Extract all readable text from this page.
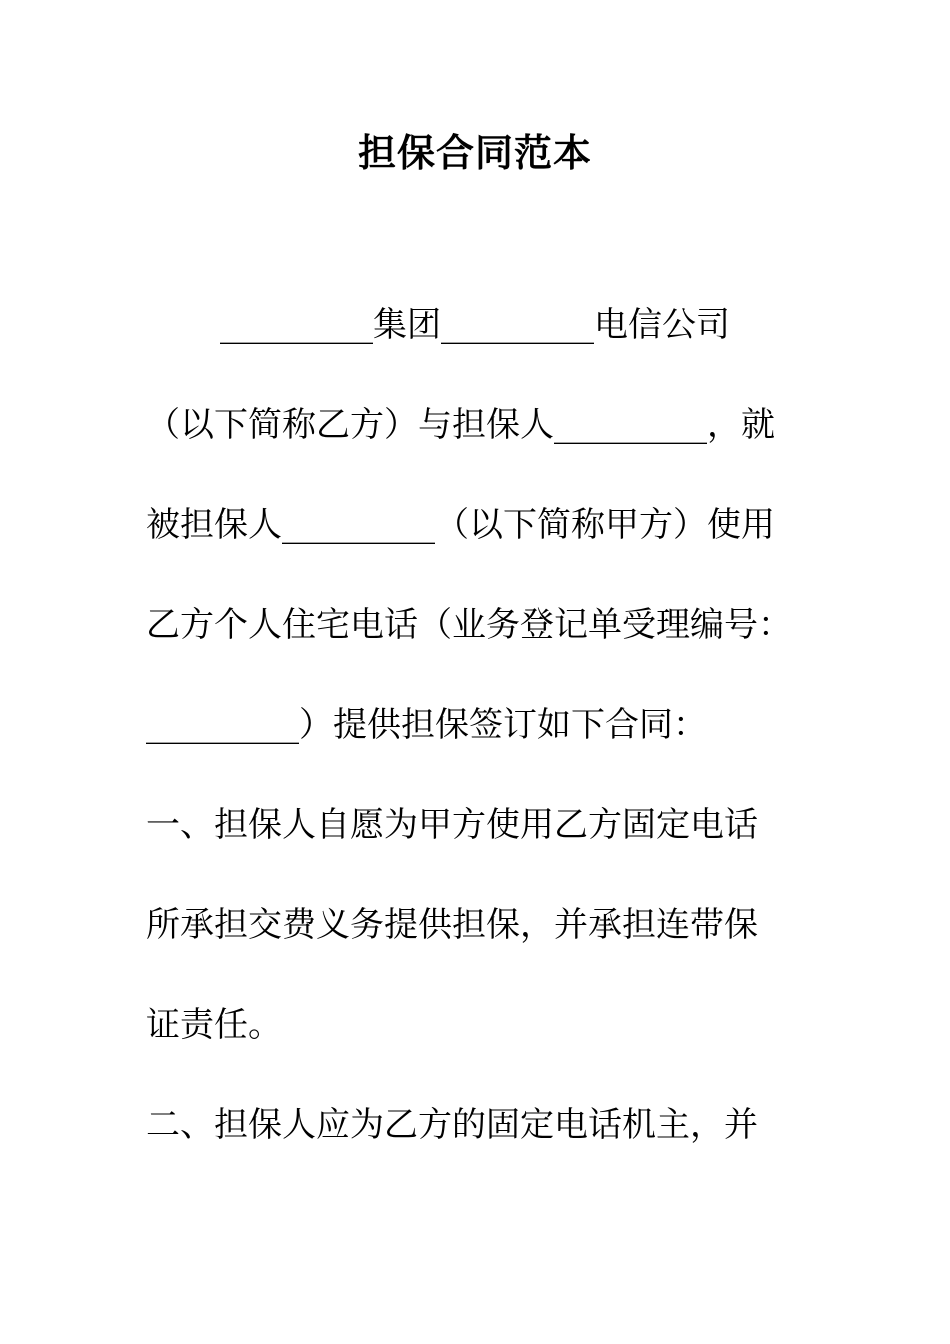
担保合同范本
_________集团_________电信公司
（以下简称乙方）与担保人_________，就
被担保人_________（以下简称甲方）使用
乙方个人住宅电话（业务登记单受理编号：
_________）提供担保签订如下合同：
一、担保人自愿为甲方使用乙方固定电话
所承担交费义务提供担保，并承担连带保
证责任。
二、担保人应为乙方的固定电话机主，并
